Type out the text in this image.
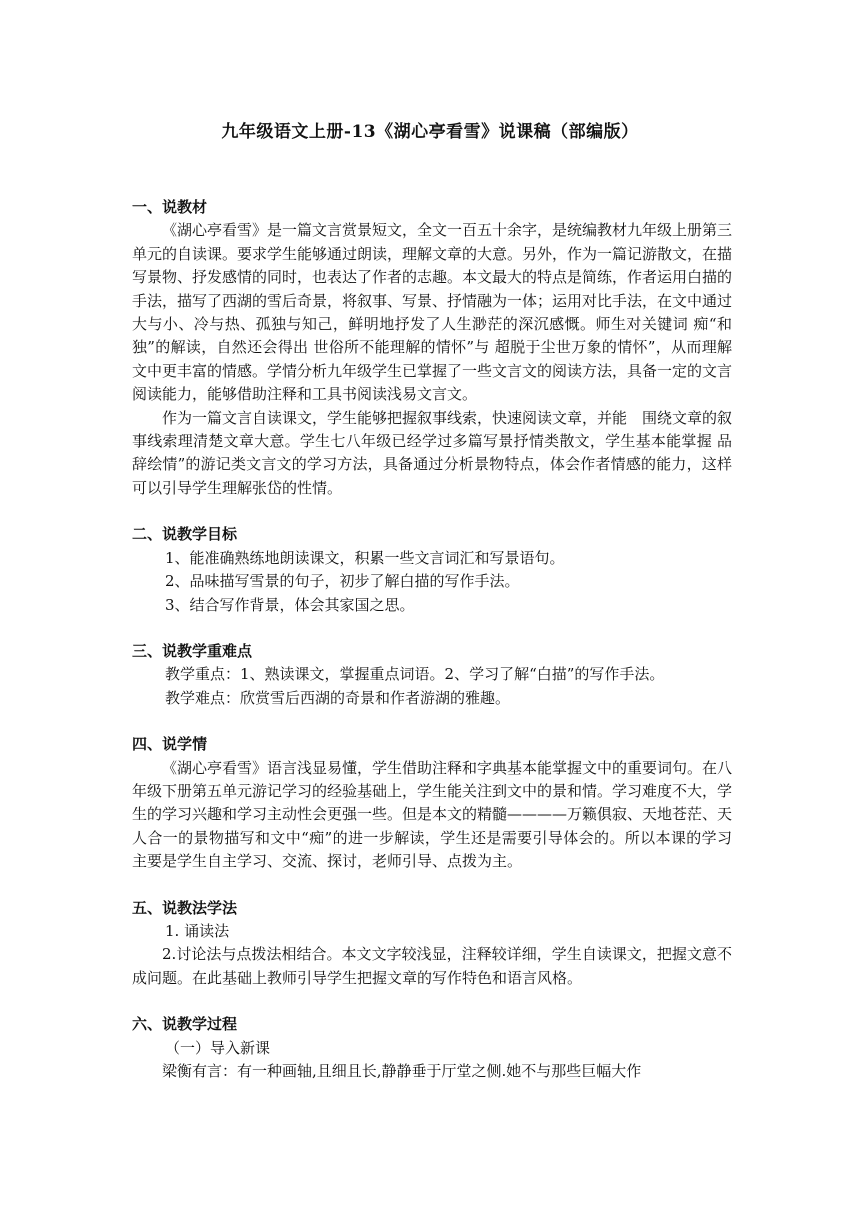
九年级语文上册-13《湖心亭看雪》说课稿（部编版）

一、说教材

《湖心亭看雪》是一篇文言赏景短文，全文一百五十余字，是统编教材九年级上册第三单元的自读课。要求学生能够通过朗读，理解文章的大意。另外，作为一篇记游散文，在描写景物、抒发感情的同时，也表达了作者的志趣。本文最大的特点是简练，作者运用白描的手法，描写了西湖的雪后奇景，将叙事、写景、抒情融为一体；运用对比手法，在文中通过大与小、冷与热、孤独与知己，鲜明地抒发了人生渺茫的深沉感慨。师生对关键词 痴“和 独”的解读，自然还会得出 世俗所不能理解的情怀”与 超脱于尘世万象的情怀”，从而理解文中更丰富的情感。学情分析九年级学生已掌握了一些文言文的阅读方法，具备一定的文言阅读能力，能够借助注释和工具书阅读浅易文言文。

作为一篇文言自读课文，学生能够把握叙事线索，快速阅读文章，并能　围绕文章的叙事线索理清楚文章大意。学生七八年级已经学过多篇写景抒情类散文，学生基本能掌握 品辞绘情”的游记类文言文的学习方法，具备通过分析景物特点，体会作者情感的能力，这样可以引导学生理解张岱的性情。

二、说教学目标

1、能准确熟练地朗读课文，积累一些文言词汇和写景语句。

2、品味描写雪景的句子，初步了解白描的写作手法。

3、结合写作背景，体会其家国之思。

三、说教学重难点

教学重点：1、熟读课文，掌握重点词语。2、学习了解“白描”的写作手法。

教学难点：欣赏雪后西湖的奇景和作者游湖的雅趣。

四、说学情

《湖心亭看雪》语言浅显易懂，学生借助注释和字典基本能掌握文中的重要词句。在八年级下册第五单元游记学习的经验基础上，学生能关注到文中的景和情。学习难度不大，学生的学习兴趣和学习主动性会更强一些。但是本文的精髓————万籁俱寂、天地苍茫、天人合一的景物描写和文中“痴”的进一步解读，学生还是需要引导体会的。所以本课的学习主要是学生自主学习、交流、探讨，老师引导、点拨为主。

五、说教法学法

1. 诵读法

2.讨论法与点拨法相结合。本文文字较浅显，注释较详细，学生自读课文，把握文意不成问题。在此基础上教师引导学生把握文章的写作特色和语言风格。

六、说教学过程

（一）导入新课

梁衡有言：有一种画轴,且细且长,静静垂于厅堂之侧.她不与那些巨幅大作
